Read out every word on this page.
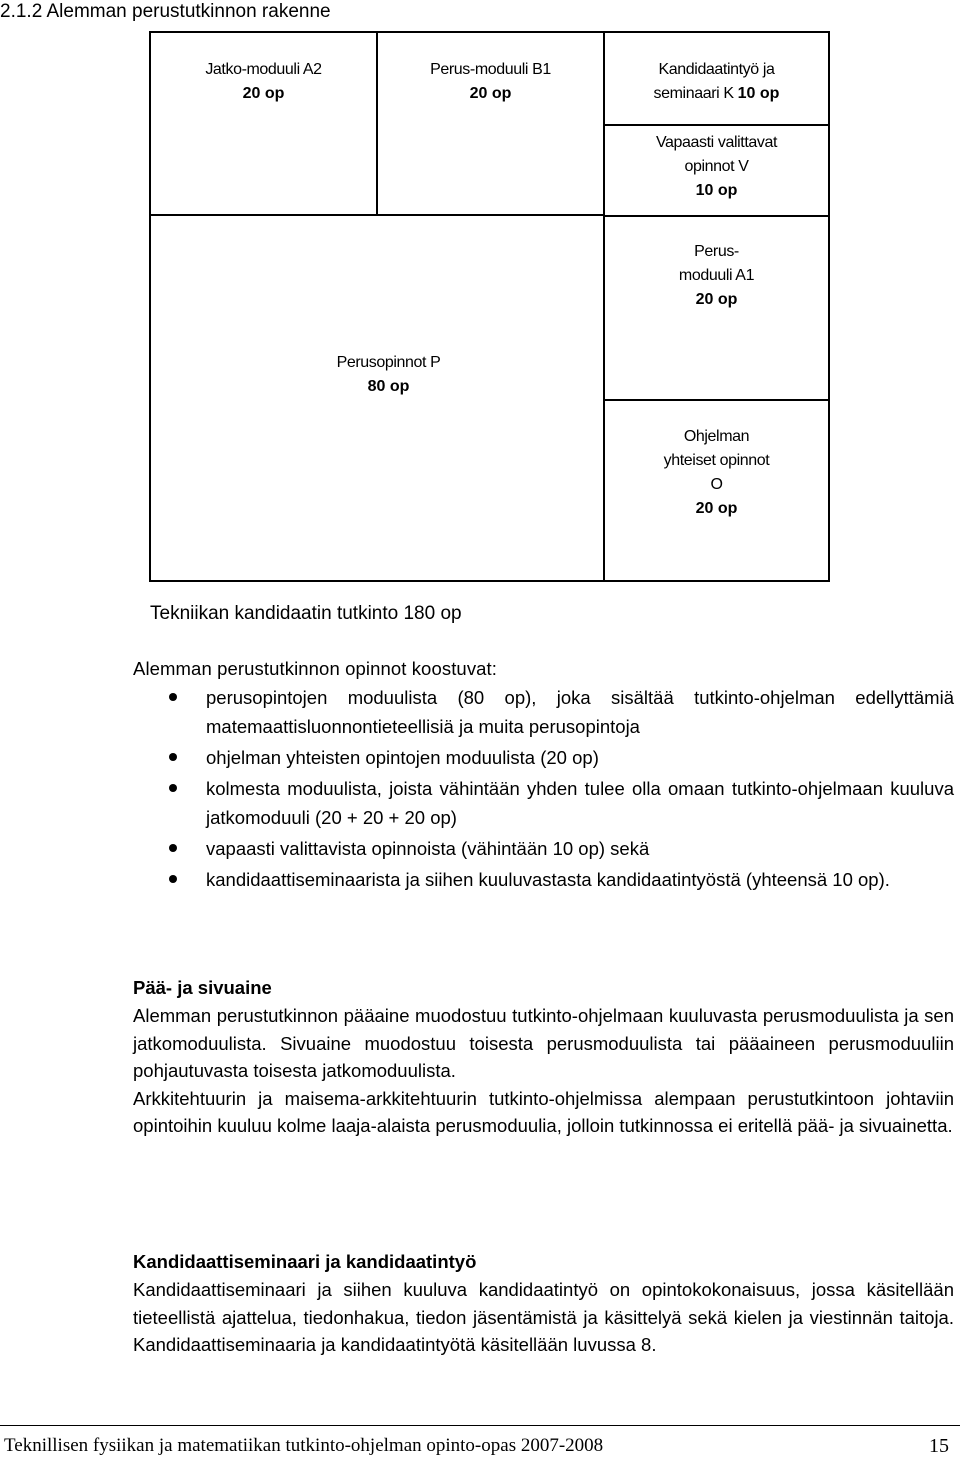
2.1.2 Alemman perustutkinnon rakenne
Jatko-moduuli A2
20 op
Perus-moduuli B1
20 op
Kandidaatintyö ja
seminaari K 10 op
Vapaasti valittavat
opinnot V
10 op
Perus-
moduuli A1
20 op
Perusopinnot P
80 op
Ohjelman
yhteiset opinnot
O
20 op
Tekniikan kandidaatin tutkinto 180 op
Alemman perustutkinnon opinnot koostuvat:
perusopintojen moduulista (80 op), joka sisältää tutkinto-ohjelman edellyttämiä matemaattisluonnontieteellisiä ja muita perusopintoja
ohjelman yhteisten opintojen moduulista (20 op)
kolmesta moduulista, joista vähintään yhden tulee olla omaan tutkinto-ohjelmaan kuuluva jatkomoduuli (20 + 20 + 20 op)
vapaasti valittavista opinnoista (vähintään 10 op) sekä
kandidaattiseminaarista ja siihen kuuluvastasta kandidaatintyöstä (yhteensä 10 op).
Pää- ja sivuaine

Alemman perustutkinnon pääaine muodostuu tutkinto-ohjelmaan kuuluvasta perusmoduulista ja sen jatkomoduulista. Sivuaine muodostuu toisesta perusmoduulista tai pääaineen perusmoduuliin pohjautuvasta toisesta jatkomoduulista.

Arkkitehtuurin ja maisema-arkkitehtuurin tutkinto-ohjelmissa alempaan perustutkintoon johtaviin opintoihin kuuluu kolme laaja-alaista perusmoduulia, jolloin tutkinnossa ei eritellä pää- ja sivuainetta.

Kandidaattiseminaari ja kandidaatintyö

Kandidaattiseminaari ja siihen kuuluva kandidaatintyö on opintokokonaisuus, jossa käsitellään tieteellistä ajattelua, tiedonhakua, tiedon jäsentämistä ja käsittelyä sekä kielen ja viestinnän taitoja. Kandidaattiseminaaria ja kandidaatintyötä käsitellään luvussa 8.

Teknillisen fysiikan ja matematiikan tutkinto-ohjelman opinto-opas 2007-2008	15
